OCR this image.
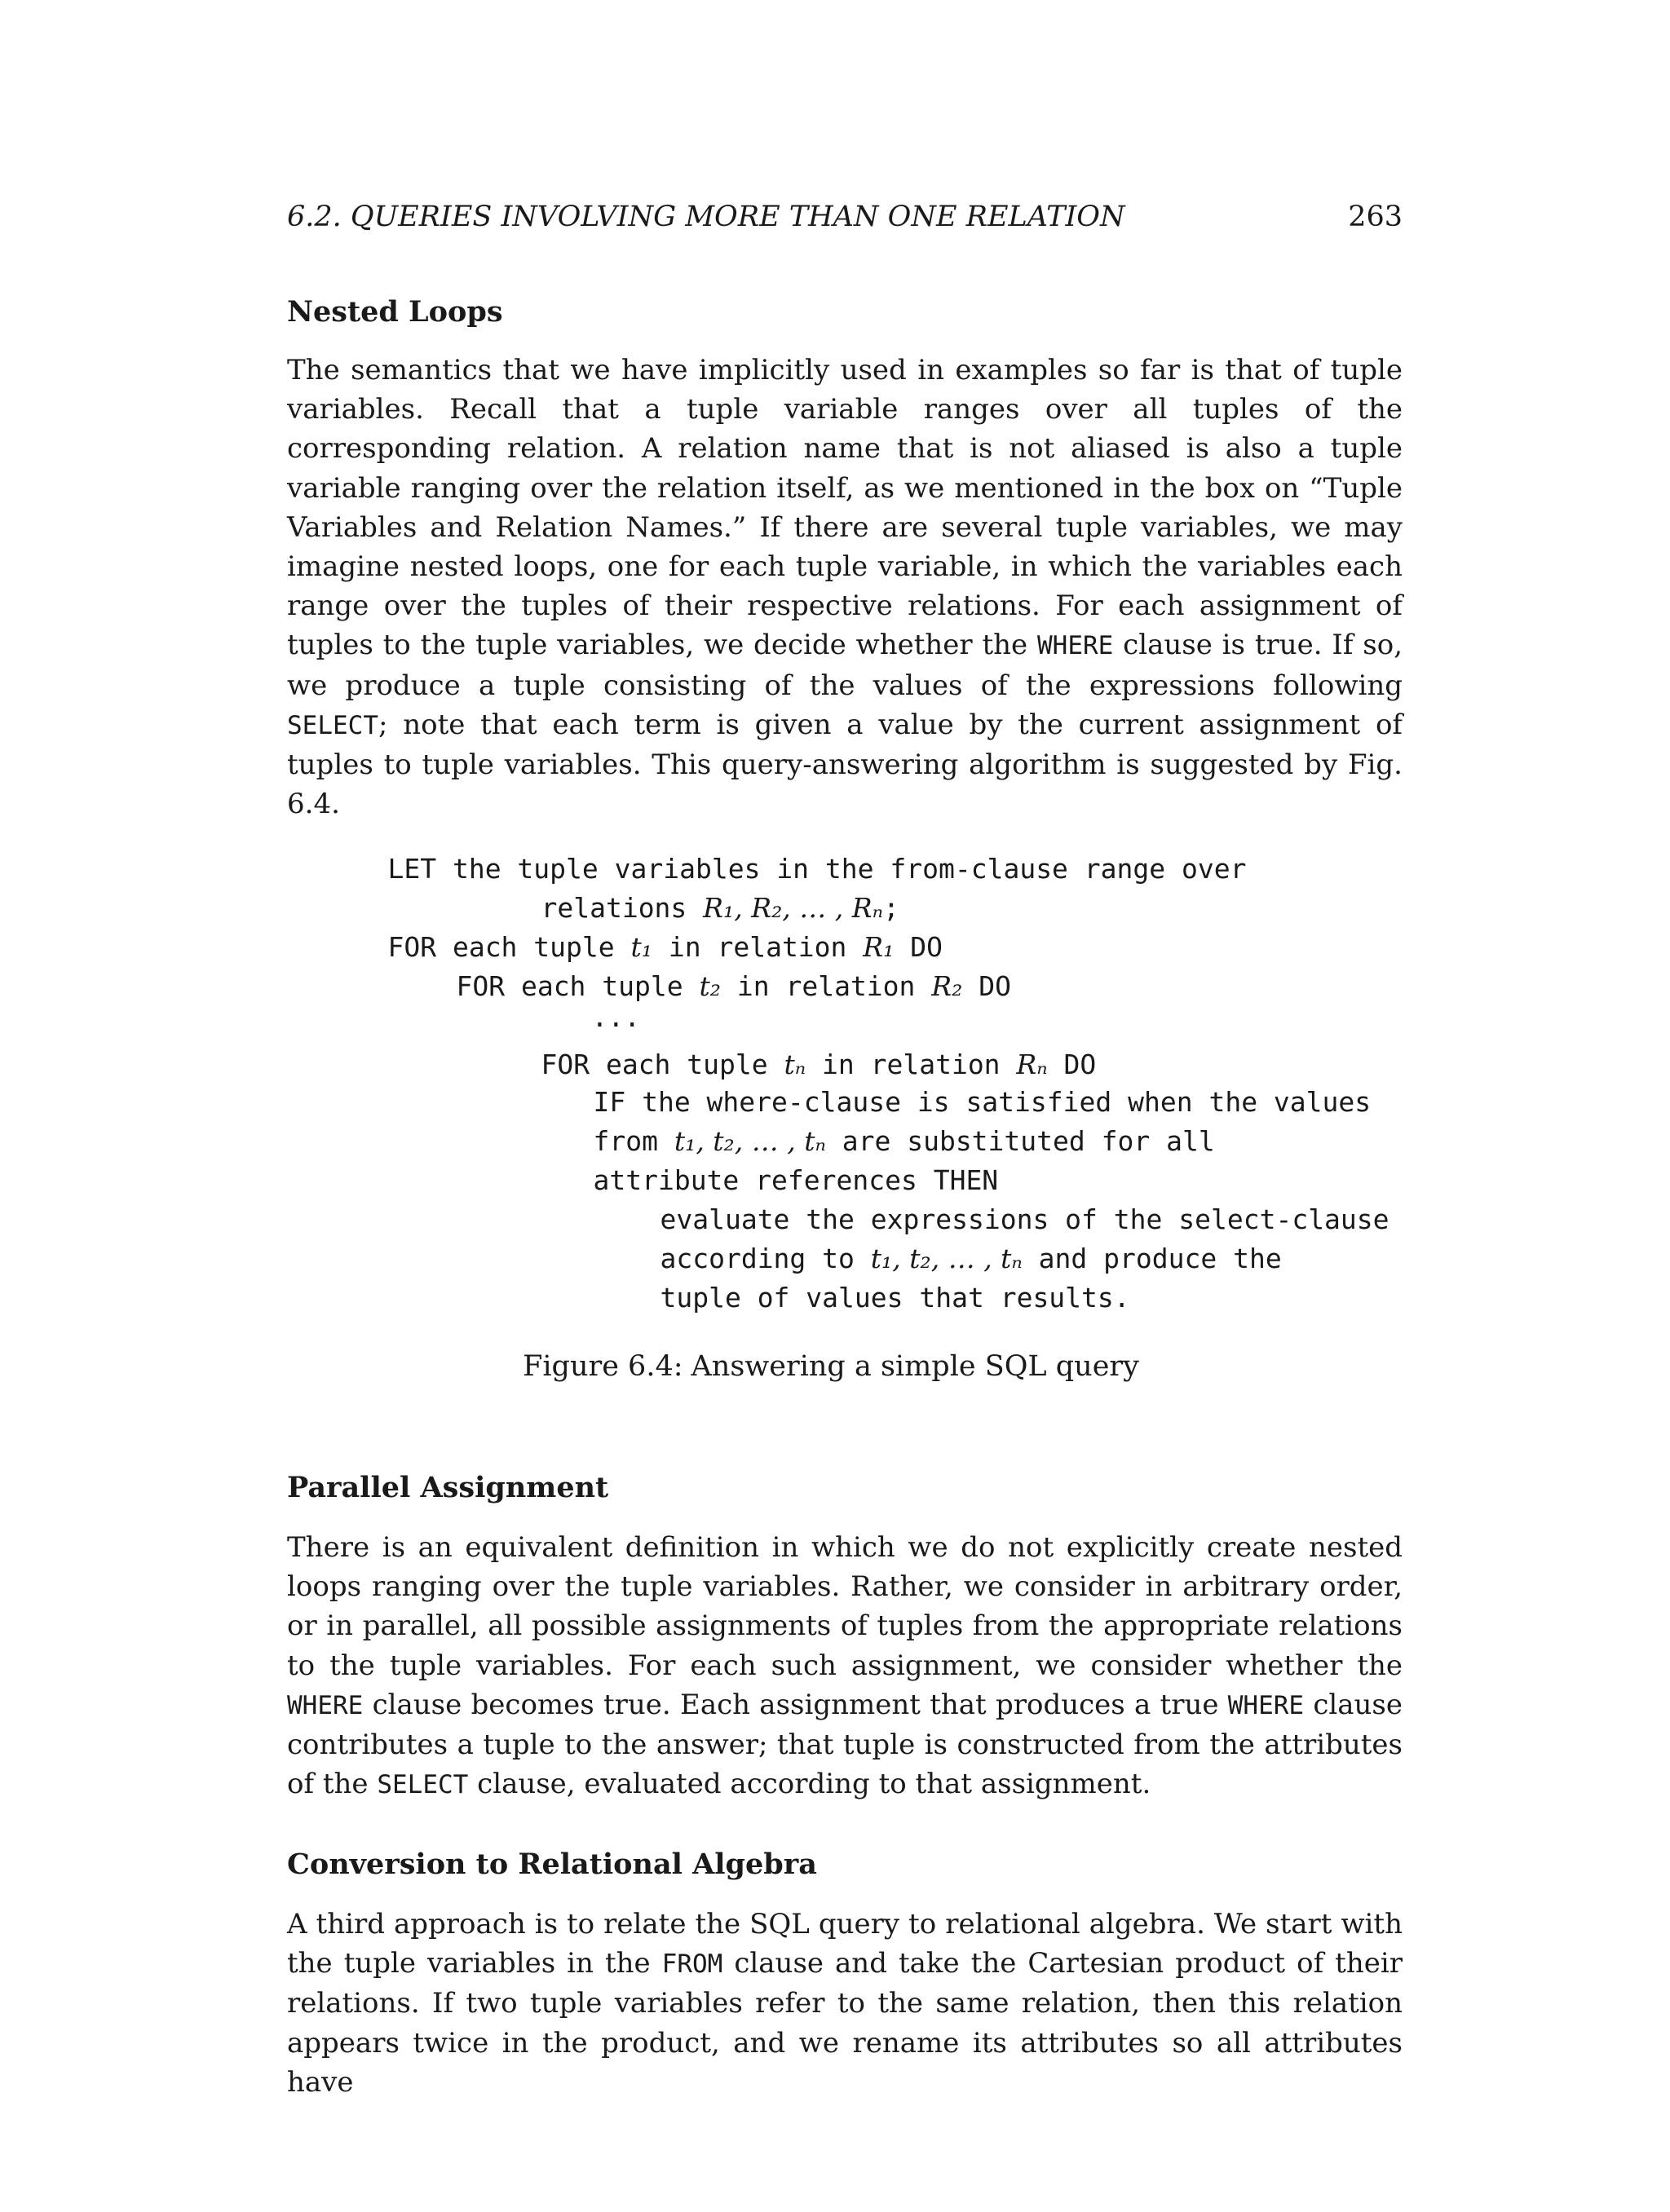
6.2. QUERIES INVOLVING MORE THAN ONE RELATION	263
Nested Loops

The semantics that we have implicitly used in examples so far is that of tuple variables. Recall that a tuple variable ranges over all tuples of the corresponding relation. A relation name that is not aliased is also a tuple variable ranging over the relation itself, as we mentioned in the box on “Tuple Variables and Relation Names.” If there are several tuple variables, we may imagine nested loops, one for each tuple variable, in which the variables each range over the tuples of their respective relations. For each assignment of tuples to the tuple variables, we decide whether the WHERE clause is true. If so, we produce a tuple consisting of the values of the expressions following SELECT; note that each term is given a value by the current assignment of tuples to tuple variables. This query-answering algorithm is suggested by Fig. 6.4.

LET the tuple variables in the from-clause range over

relations R₁, R₂, … , Rₙ;

FOR each tuple t₁ in relation R₁ DO

FOR each tuple t₂ in relation R₂ DO

...

FOR each tuple tₙ in relation Rₙ DO

IF the where-clause is satisfied when the values

from t₁, t₂, … , tₙ are substituted for all

attribute references THEN

evaluate the expressions of the select-clause

according to t₁, t₂, … , tₙ and produce the

tuple of values that results.

Figure 6.4: Answering a simple SQL query
Parallel Assignment

There is an equivalent definition in which we do not explicitly create nested loops ranging over the tuple variables. Rather, we consider in arbitrary order, or in parallel, all possible assignments of tuples from the appropriate relations to the tuple variables. For each such assignment, we consider whether the WHERE clause becomes true. Each assignment that produces a true WHERE clause contributes a tuple to the answer; that tuple is constructed from the attributes of the SELECT clause, evaluated according to that assignment.

Conversion to Relational Algebra

A third approach is to relate the SQL query to relational algebra. We start with the tuple variables in the FROM clause and take the Cartesian product of their relations. If two tuple variables refer to the same relation, then this relation appears twice in the product, and we rename its attributes so all attributes have
